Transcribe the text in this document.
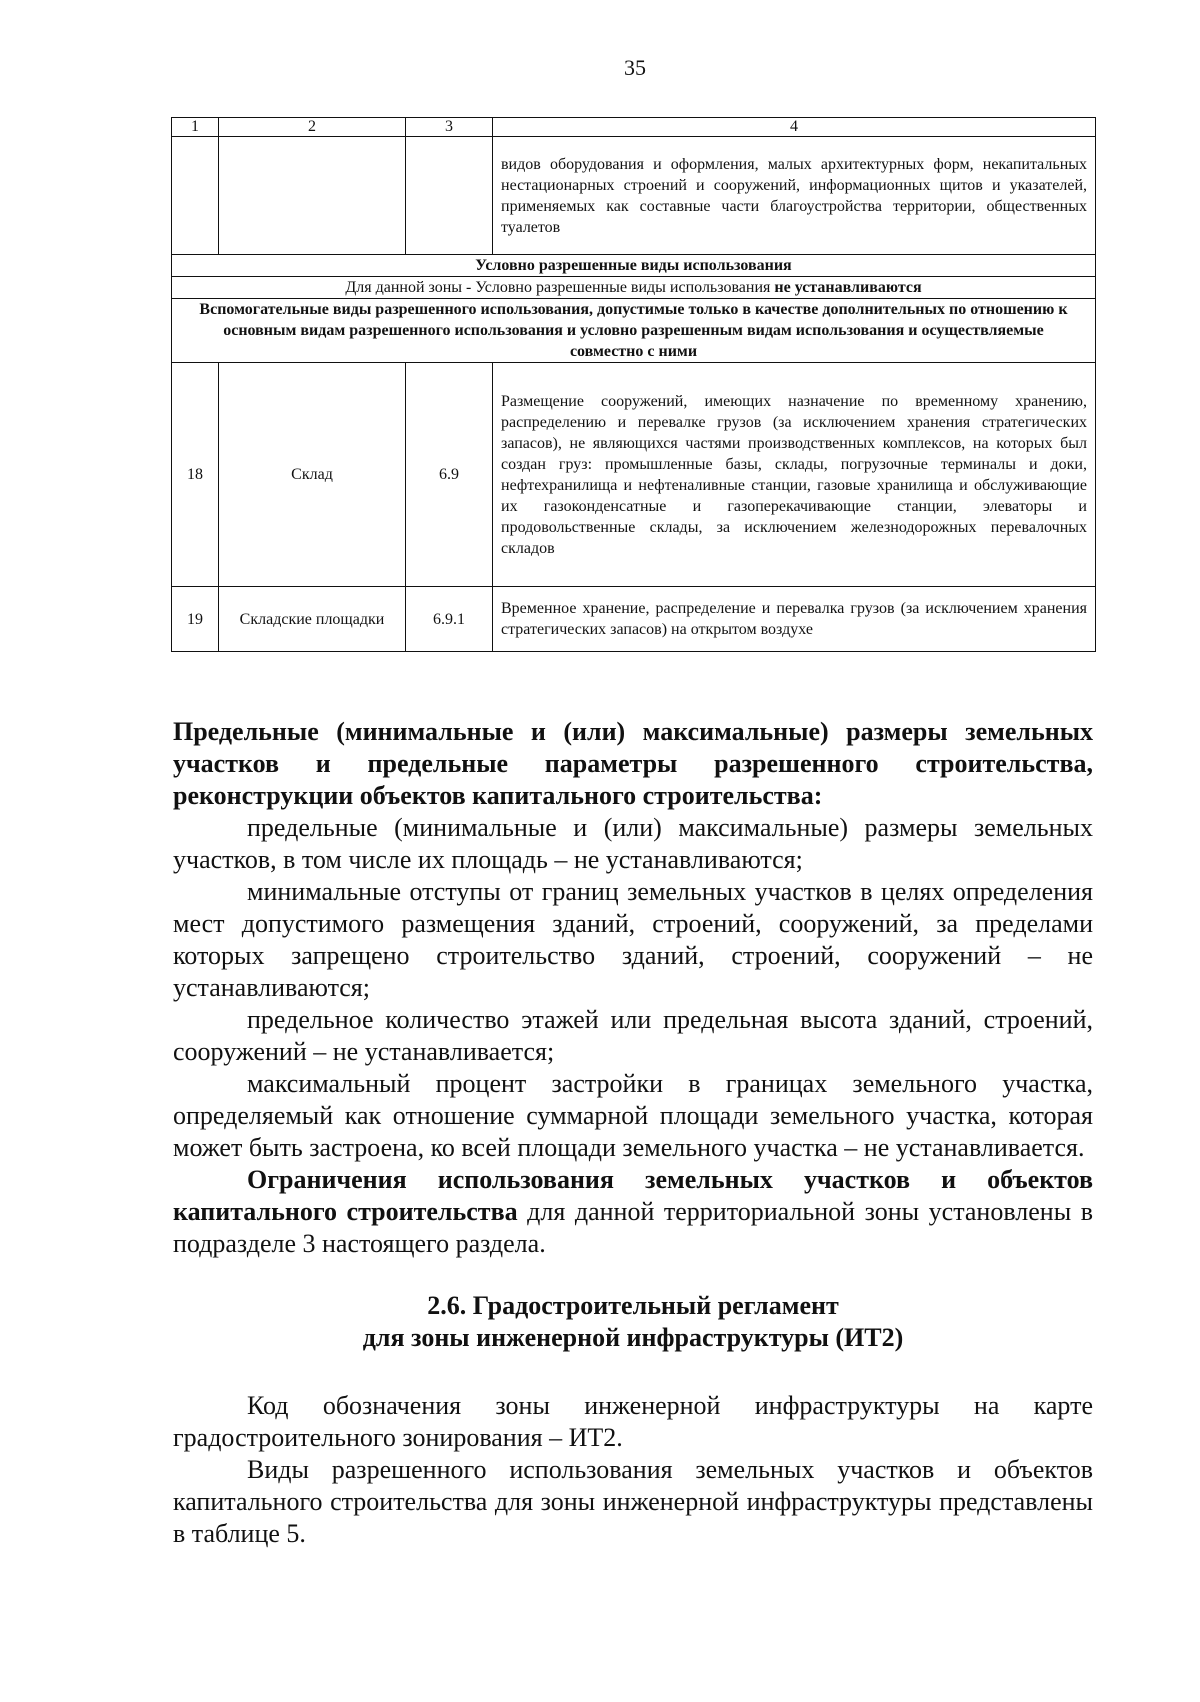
35
1	2	3	4
			видов оборудования и оформления, малых архитектурных форм, некапитальных нестационарных строений и сооружений, информационных щитов и указателей, применяемых как составные части благоустройства территории, общественных туалетов
Условно разрешенные виды использования			
Для данной зоны - Условно разрешенные виды использования не устанавливаются			
Вспомогательные виды разрешенного использования, допустимые только в качестве дополнительных по отношению к основным видам разрешенного использования и условно разрешенным видам использования и осуществляемые совместно с ними			
18	Склад	6.9	Размещение сооружений, имеющих назначение по временному хранению, распределению и перевалке грузов (за исключением хранения стратегических запасов), не являющихся частями производственных комплексов, на которых был создан груз: промышленные базы, склады, погрузочные терминалы и доки, нефтехранилища и нефтеналивные станции, газовые хранилища и обслуживающие их газоконденсатные и газоперекачивающие станции, элеваторы и продовольственные склады, за исключением железнодорожных перевалочных складов
19	Складские площадки	6.9.1	Временное хранение, распределение и перевалка грузов (за исключением хранения стратегических запасов) на открытом воздухе

Предельные (минимальные и (или) максимальные) размеры земельных участков и предельные параметры разрешенного строительства, реконструкции объектов капитального строительства:

предельные (минимальные и (или) максимальные) размеры земельных участков, в том числе их площадь – не устанавливаются;

минимальные отступы от границ земельных участков в целях определения мест допустимого размещения зданий, строений, сооружений, за пределами которых запрещено строительство зданий, строений, сооружений – не устанавливаются;

предельное количество этажей или предельная высота зданий, строений, сооружений – не устанавливается;

максимальный процент застройки в границах земельного участка, определяемый как отношение суммарной площади земельного участка, которая может быть застроена, ко всей площади земельного участка – не устанавливается.

Ограничения использования земельных участков и объектов капитального строительства для данной территориальной зоны установлены в подразделе 3 настоящего раздела.

2.6. Градостроительный регламент

для зоны инженерной инфраструктуры (ИТ2)

Код обозначения зоны инженерной инфраструктуры на карте градостроительного зонирования – ИТ2.

Виды разрешенного использования земельных участков и объектов капитального строительства для зоны инженерной инфраструктуры представлены в таблице 5.
